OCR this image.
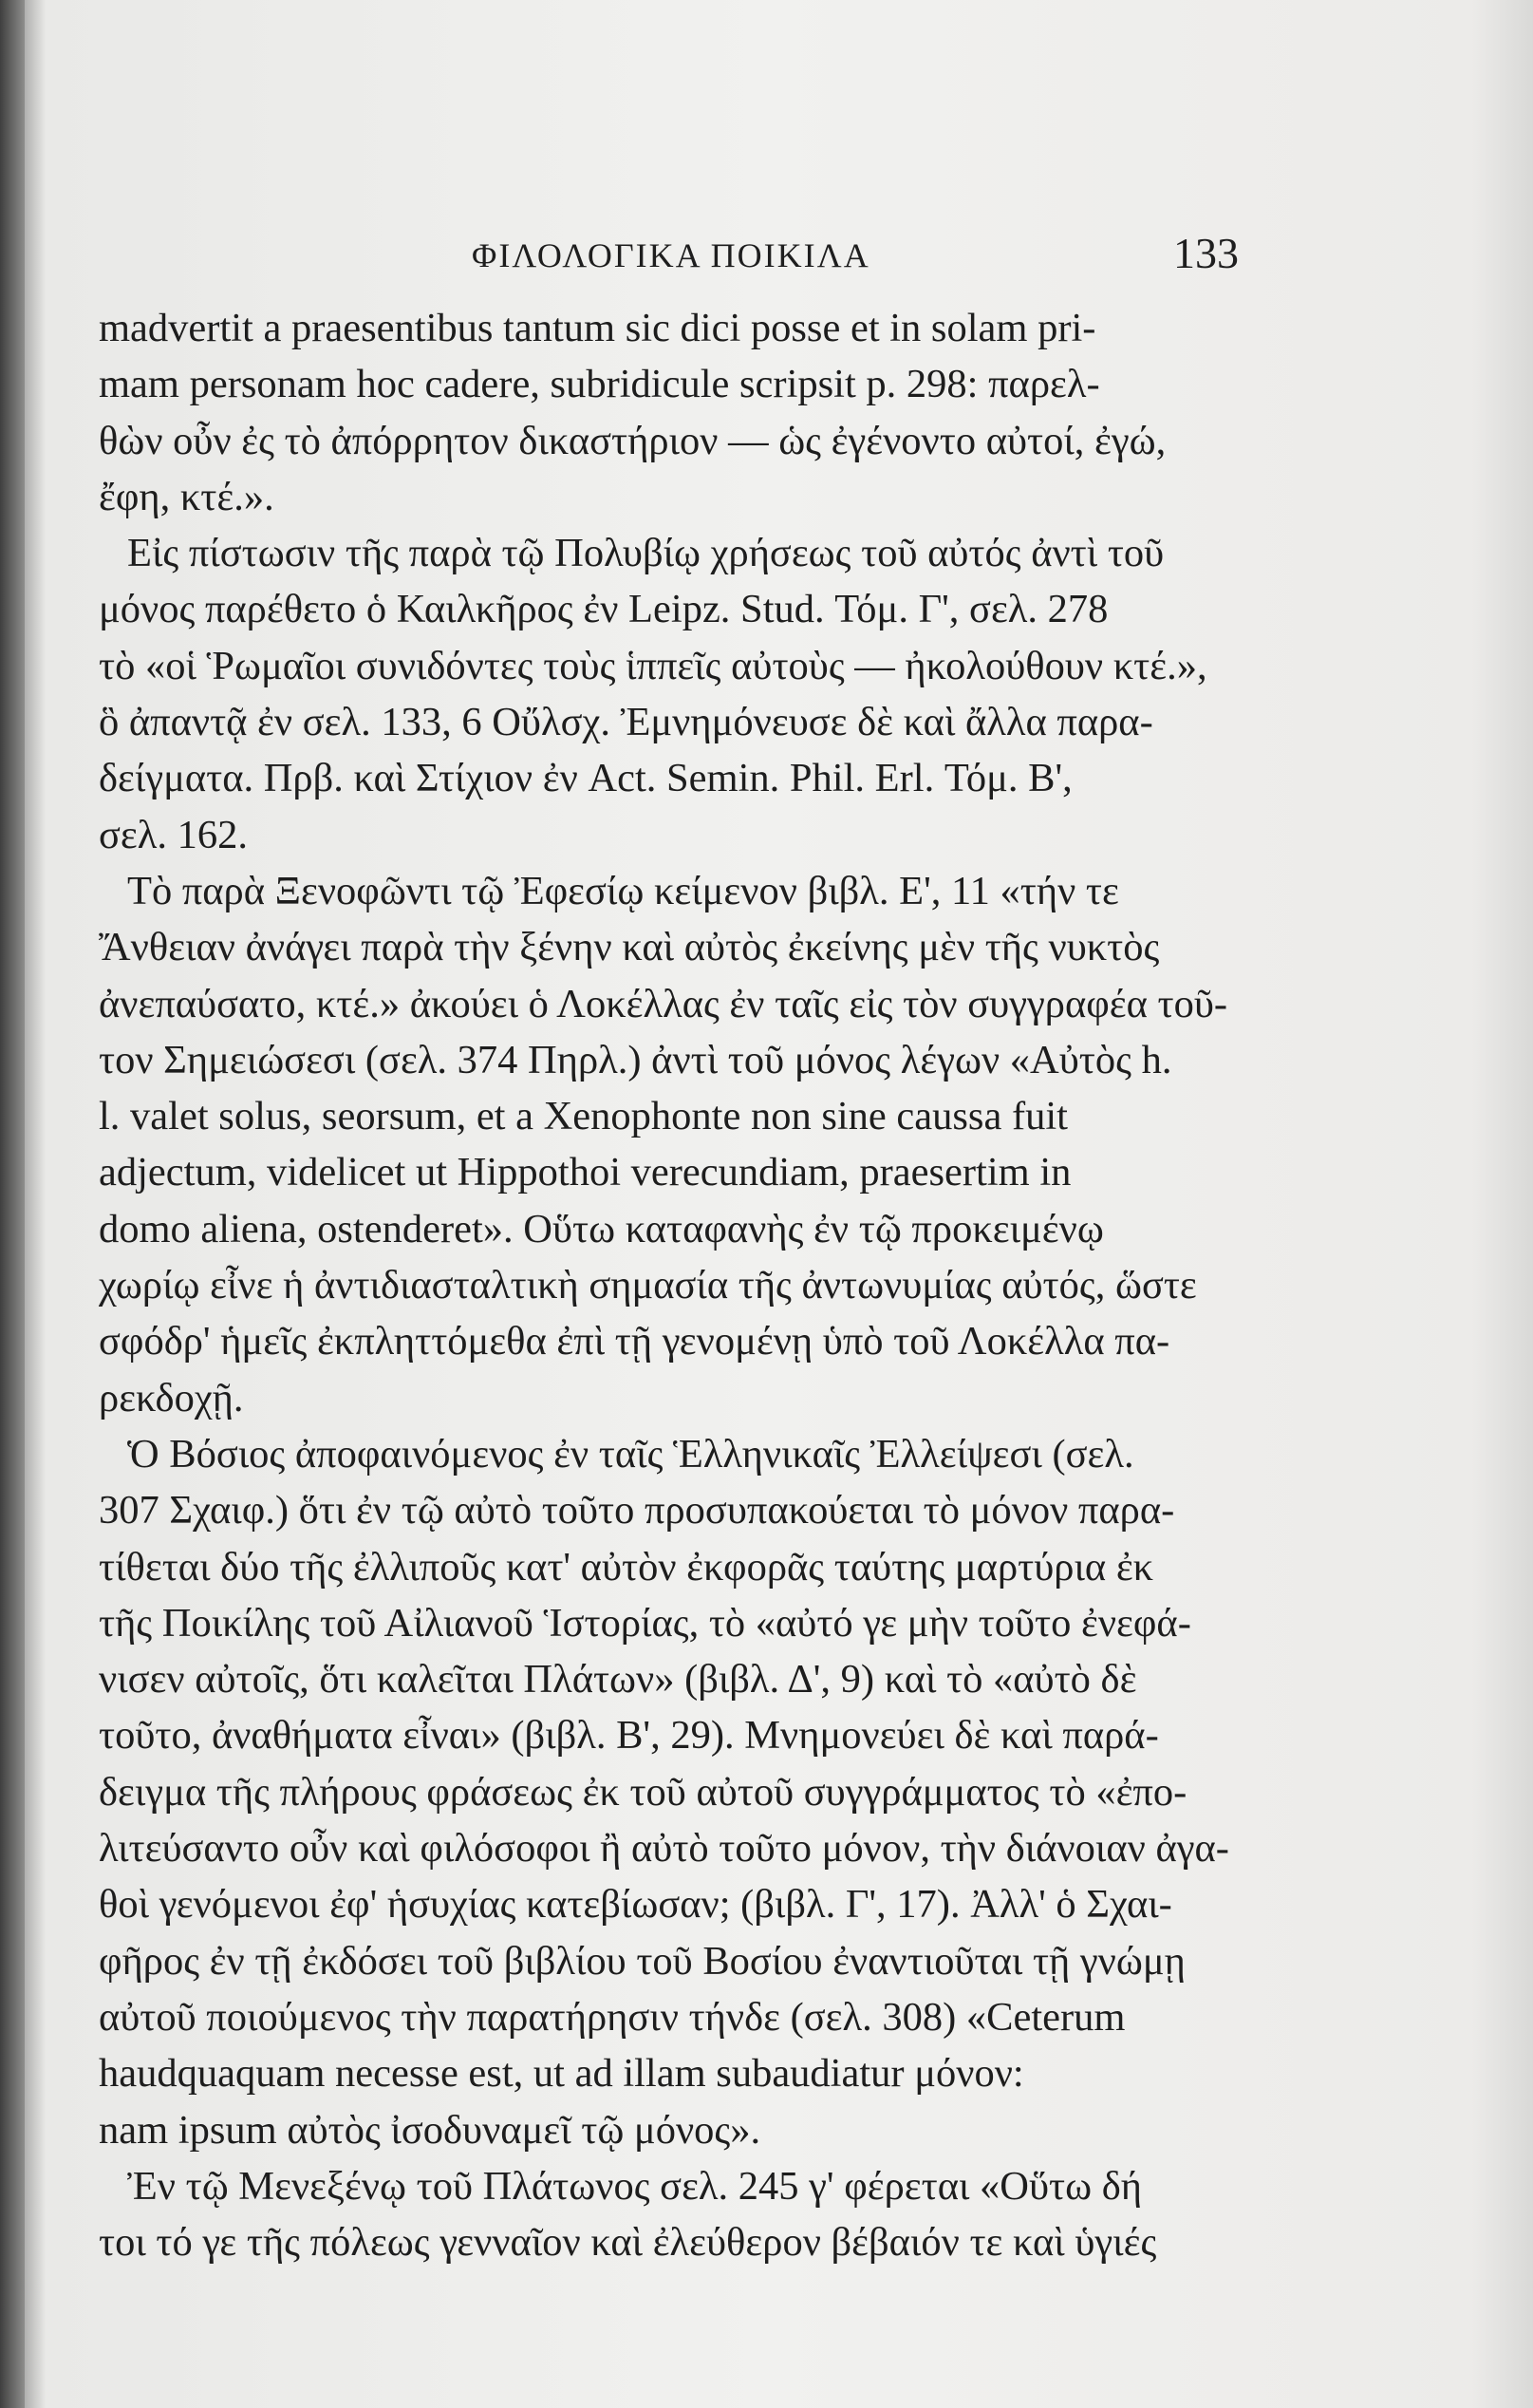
ΦΙΛΟΛΟΓΙΚΑ ΠΟΙΚΙΛΑ	133
madvertit a praesentibus tantum sic dici posse et in solam pri-
mam personam hoc cadere, subridicule scripsit p. 298: παρελ-
θὼν οὖν ἐς τὸ ἀπόρρητον δικαστήριον — ὡς ἐγένοντο αὐτοί, ἐγώ,
ἔφη, κτέ.».
Εἰς πίστωσιν τῆς παρὰ τῷ Πολυβίῳ χρήσεως τοῦ αὐτός ἀντὶ τοῦ
μόνος παρέθετο ὁ Καιλκῆρος ἐν Leipz. Stud. Τόμ. Γ', σελ. 278
τὸ «οἱ Ῥωμαῖοι συνιδόντες τοὺς ἱππεῖς αὐτοὺς — ἠκολούθουν κτέ.»,
ὃ ἀπαντᾷ ἐν σελ. 133, 6 Οὔλσχ. Ἐμνημόνευσε δὲ καὶ ἄλλα παρα-
δείγματα. Πρβ. καὶ Στίχιον ἐν Act. Semin. Phil. Erl. Τόμ. Β',
σελ. 162.
Τὸ παρὰ Ξενοφῶντι τῷ Ἐφεσίῳ κείμενον βιβλ. Ε', 11 «τήν τε
Ἄνθειαν ἀνάγει παρὰ τὴν ξένην καὶ αὐτὸς ἐκείνης μὲν τῆς νυκτὸς
ἀνεπαύσατο, κτέ.» ἀκούει ὁ Λοκέλλας ἐν ταῖς εἰς τὸν συγγραφέα τοῦ-
τον Σημειώσεσι (σελ. 374 Πηρλ.) ἀντὶ τοῦ μόνος λέγων «Αὐτὸς h.
l. valet solus, seorsum, et a Xenophonte non sine caussa fuit
adjectum, videlicet ut Hippothoi verecundiam, praesertim in
domo aliena, ostenderet». Οὕτω καταφανὴς ἐν τῷ προκειμένῳ
χωρίῳ εἶνε ἡ ἀντιδιασταλτικὴ σημασία τῆς ἀντωνυμίας αὐτός, ὥστε
σφόδρ' ἡμεῖς ἐκπληττόμεθα ἐπὶ τῇ γενομένῃ ὑπὸ τοῦ Λοκέλλα πα-
ρεκδοχῇ.
Ὁ Βόσιος ἀποφαινόμενος ἐν ταῖς Ἑλληνικαῖς Ἐλλείψεσι (σελ.
307 Σχαιφ.) ὅτι ἐν τῷ αὐτὸ τοῦτο προσυπακούεται τὸ μόνον παρα-
τίθεται δύο τῆς ἐλλιποῦς κατ' αὐτὸν ἐκφορᾶς ταύτης μαρτύρια ἐκ
τῆς Ποικίλης τοῦ Αἰλιανοῦ Ἱστορίας, τὸ «αὐτό γε μὴν τοῦτο ἐνεφά-
νισεν αὐτοῖς, ὅτι καλεῖται Πλάτων» (βιβλ. Δ', 9) καὶ τὸ «αὐτὸ δὲ
τοῦτο, ἀναθήματα εἶναι» (βιβλ. Β', 29). Μνημονεύει δὲ καὶ παρά-
δειγμα τῆς πλήρους φράσεως ἐκ τοῦ αὐτοῦ συγγράμματος τὸ «ἐπο-
λιτεύσαντο οὖν καὶ φιλόσοφοι ἢ αὐτὸ τοῦτο μόνον, τὴν διάνοιαν ἀγα-
θοὶ γενόμενοι ἐφ' ἡσυχίας κατεβίωσαν; (βιβλ. Γ', 17). Ἀλλ' ὁ Σχαι-
φῆρος ἐν τῇ ἐκδόσει τοῦ βιβλίου τοῦ Βοσίου ἐναντιοῦται τῇ γνώμῃ
αὐτοῦ ποιούμενος τὴν παρατήρησιν τήνδε (σελ. 308) «Ceterum
haudquaquam necesse est, ut ad illam subaudiatur μόνον:
nam ipsum αὐτὸς ἰσοδυναμεῖ τῷ μόνος».
Ἐν τῷ Μενεξένῳ τοῦ Πλάτωνος σελ. 245 γ' φέρεται «Οὕτω δή
τοι τό γε τῆς πόλεως γενναῖον καὶ ἐλεύθερον βέβαιόν τε καὶ ὑγιές
